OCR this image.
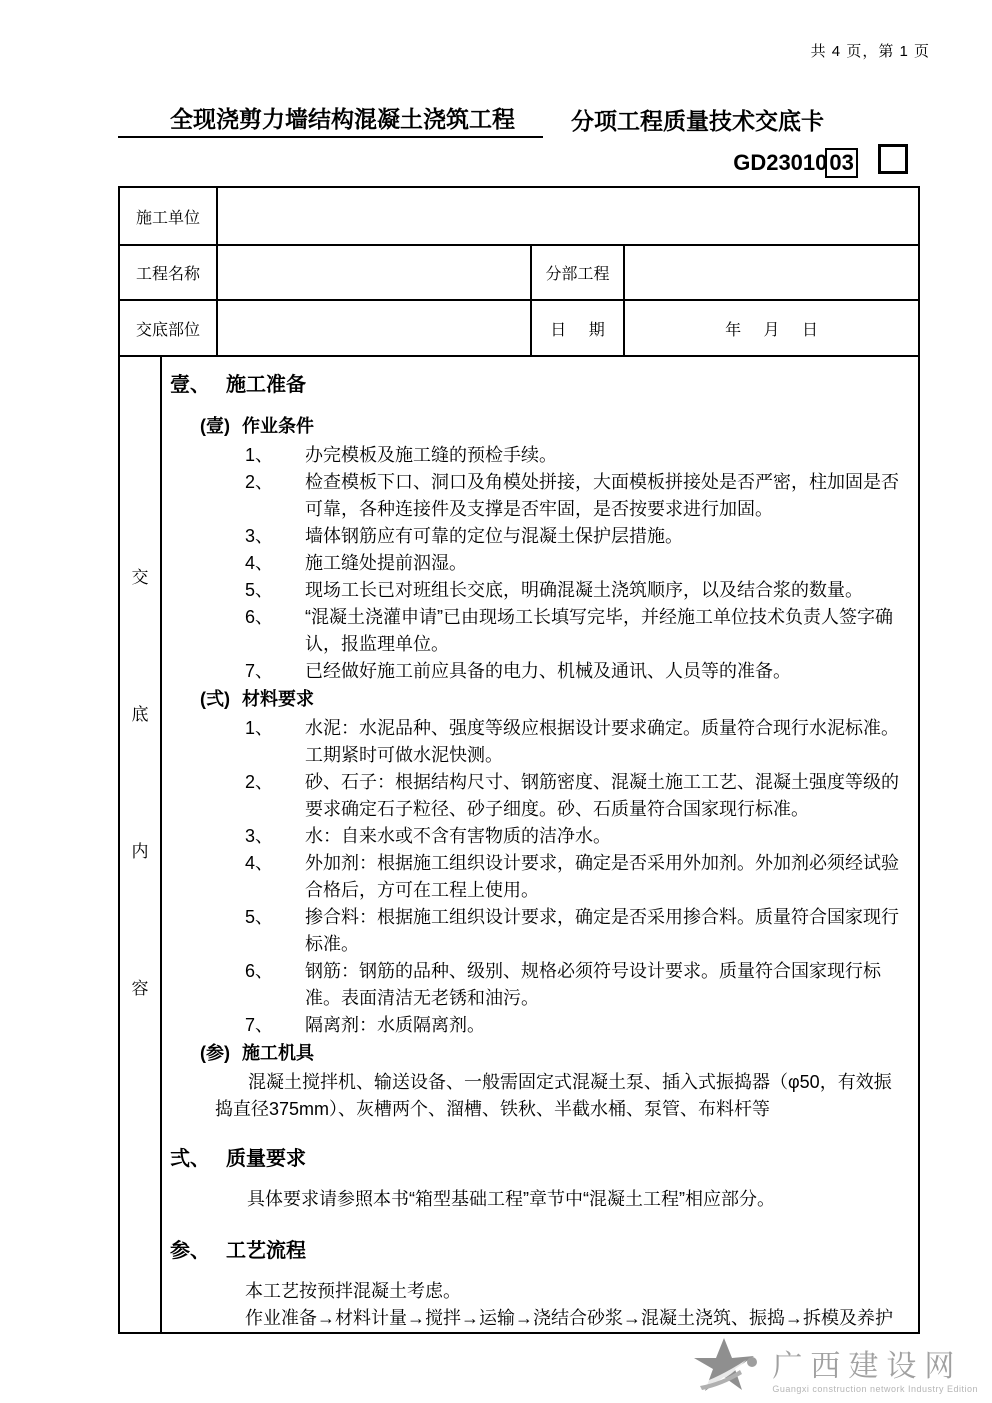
共 4 页，第 1 页
全现浇剪力墙结构混凝土浇筑工程	分项工程质量技术交底卡
GD2301003
施工单位			
工程名称		分部工程	
交底部位		日 期	年 月 日

交
底
内
容
壹、 施工准备
(壹) 作业条件
1、	办完模板及施工缝的预检手续。
2、	检查模板下口、洞口及角模处拼接，大面模板拼接处是否严密，柱加固是否可靠，各种连接件及支撑是否牢固，是否按要求进行加固。
3、	墙体钢筋应有可靠的定位与混凝土保护层措施。
4、	施工缝处提前泅湿。
5、	现场工长已对班组长交底，明确混凝土浇筑顺序，以及结合浆的数量。
6、	“混凝土浇灌申请”已由现场工长填写完毕，并经施工单位技术负责人签字确认，报监理单位。
7、	已经做好施工前应具备的电力、机械及通讯、人员等的准备。
(弍) 材料要求
1、	水泥：水泥品种、强度等级应根据设计要求确定。质量符合现行水泥标准。工期紧时可做水泥快测。
2、	砂、石子：根据结构尺寸、钢筋密度、混凝土施工工艺、混凝土强度等级的要求确定石子粒径、砂子细度。砂、石质量符合国家现行标准。
3、	水：自来水或不含有害物质的洁净水。
4、	外加剂：根据施工组织设计要求，确定是否采用外加剂。外加剂必须经试验合格后，方可在工程上使用。
5、	掺合料：根据施工组织设计要求，确定是否采用掺合料。质量符合国家现行标准。
6、	钢筋：钢筋的品种、级别、规格必须符号设计要求。质量符合国家现行标准。表面清洁无老锈和油污。
7、	隔离剂：水质隔离剂。
(参) 施工机具
混凝土搅拌机、输送设备、一般需固定式混凝土泵、插入式振捣器（φ50，有效振捣直径375mm）、灰槽两个、溜槽、铁秋、半截水桶、泵管、布料杆等
弍、 质量要求
具体要求请参照本书“箱型基础工程”章节中“混凝土工程”相应部分。
参、 工艺流程
本工艺按预拌混凝土考虑。
作业准备→材料计量→搅拌→运输→浇结合砂浆→混凝土浇筑、振捣→拆模及养护
广西建设网
Guangxi construction network Industry Edition
